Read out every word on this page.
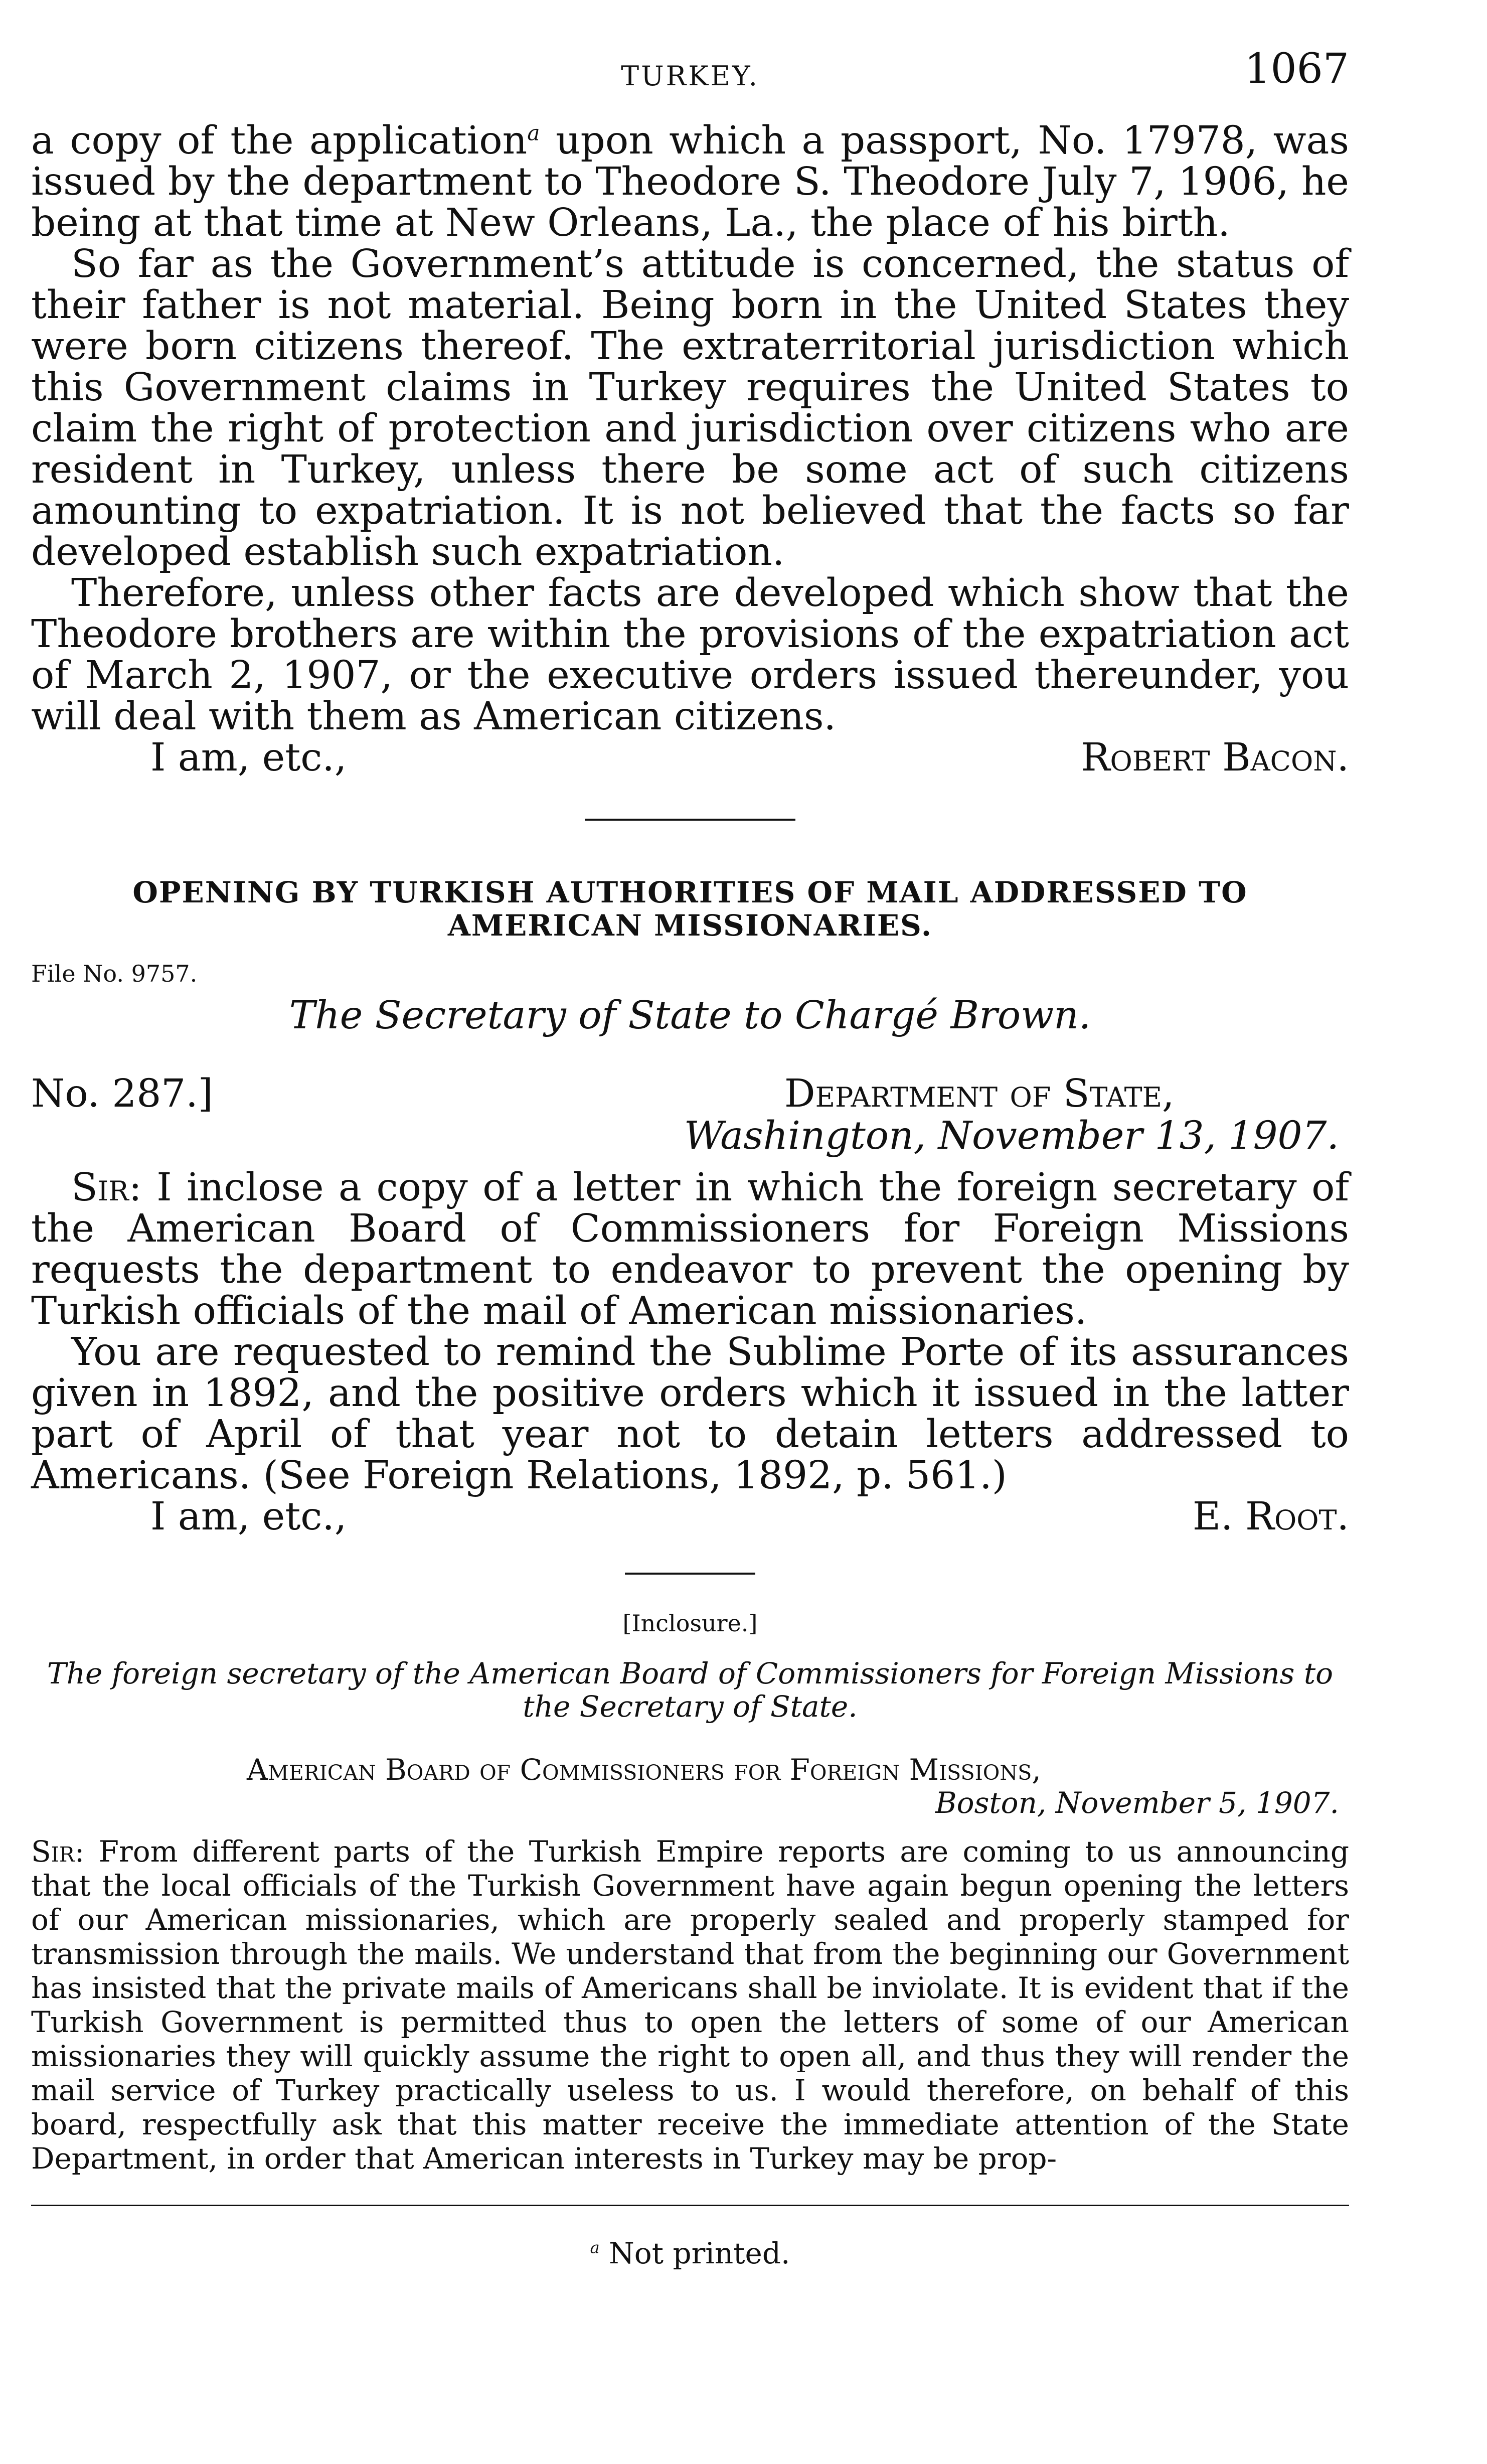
TURKEY.	1067

a copy of the application$^a$ upon which a passport, No. 17978, was issued by the department to Theodore S. Theodore July 7, 1906, he being at that time at New Orleans, La., the place of his birth.

So far as the Government’s attitude is concerned, the status of their father is not material. Being born in the United States they were born citizens thereof. The extraterritorial jurisdiction which this Government claims in Turkey requires the United States to claim the right of protection and jurisdiction over citizens who are resident in Turkey, unless there be some act of such citizens amounting to expatriation. It is not believed that the facts so far developed establish such expatriation.

Therefore, unless other facts are developed which show that the Theodore brothers are within the provisions of the expatriation act of March 2, 1907, or the executive orders issued thereunder, you will deal with them as American citizens.

I am, etc.,	Robert Bacon.
OPENING BY TURKISH AUTHORITIES OF MAIL ADDRESSED TO AMERICAN MISSIONARIES.
File No. 9757.
The Secretary of State to Chargé Brown.
No. 287.]	Department of State,
Washington, November 13, 1907.

Sir: I inclose a copy of a letter in which the foreign secretary of the American Board of Commissioners for Foreign Missions requests the department to endeavor to prevent the opening by Turkish officials of the mail of American missionaries.

You are requested to remind the Sublime Porte of its assurances given in 1892, and the positive orders which it issued in the latter part of April of that year not to detain letters addressed to Americans. (See Foreign Relations, 1892, p. 561.)

I am, etc.,	E. Root.
[Inclosure.]
The foreign secretary of the American Board of Commissioners for Foreign Missions to the Secretary of State.
American Board of Commissioners for Foreign Missions,
Boston, November 5, 1907.

Sir: From different parts of the Turkish Empire reports are coming to us announcing that the local officials of the Turkish Government have again begun opening the letters of our American missionaries, which are properly sealed and properly stamped for transmission through the mails. We understand that from the beginning our Government has insisted that the private mails of Americans shall be inviolate. It is evident that if the Turkish Government is permitted thus to open the letters of some of our American missionaries they will quickly assume the right to open all, and thus they will render the mail service of Turkey practically useless to us. I would therefore, on behalf of this board, respectfully ask that this matter receive the immediate attention of the State Department, in order that American interests in Turkey may be prop-

$^a$ Not printed.
